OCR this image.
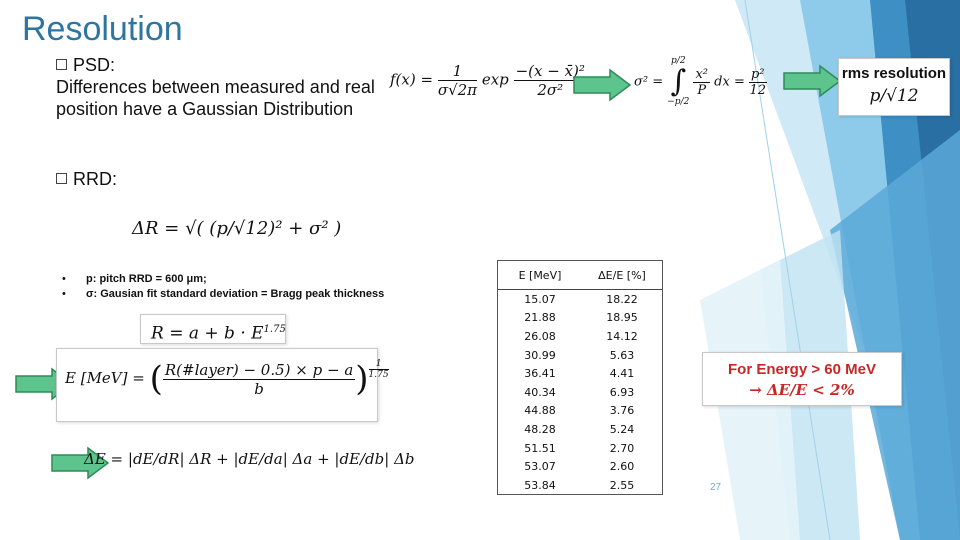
Resolution
PSD:
Differences between measured and real position have a Gaussian Distribution
$f(x) = \frac{1}{\sigma√2\pi}$ $\exp \frac{\text{−(x − x̄)²}}{\text{2σ²}}$	σ² =
p/2
∫
−p/2

$\frac{\text{x²}}{P}$ dx = $\frac{\text{p²}}{12}$	rms resolution
p/√12
RRD:
ΔR = √( (p/√12)² + σ² )
• p: pitch RRD = 600 μm;
• σ: Gausian fit standard deviation = Bragg peak thickness
$R = a + b \cdot E^{1.75}$
E [MeV] = ( $\frac{\text{R(\#layer) − 0.5) × p − a}}{b}$ ) $\frac{1}{1.75}$
ΔE = |dE/dR| ΔR + |dE/da| Δa + |dE/db| Δb
E [MeV]	ΔE/E [%]
15.07	18.22
21.88	18.95
26.08	14.12
30.99	5.63
36.41	4.41
40.34	6.93
44.88	3.76
48.28	5.24
51.51	2.70
53.07	2.60
53.84	2.55
For Energy > 60 MeV
→ ΔE/E < 2%
27
